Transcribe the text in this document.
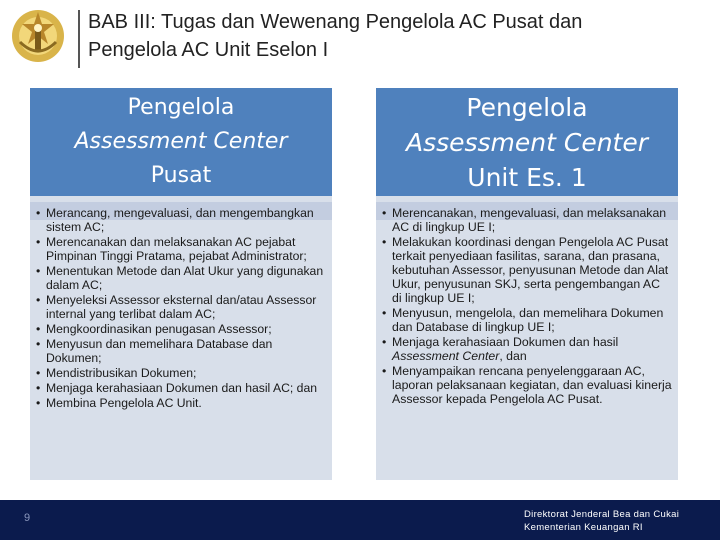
BAB III: Tugas dan Wewenang Pengelola AC Pusat dan
Pengelola AC Unit Eselon I
Pengelola
Assessment Center
Pusat
• Merancang, mengevaluasi, dan mengembangkan sistem AC;
• Merencanakan dan melaksanakan AC pejabat Pimpinan Tinggi Pratama, pejabat Administrator;
• Menentukan Metode dan Alat Ukur yang digunakan dalam AC;
• Menyeleksi Assessor eksternal dan/atau Assessor internal yang terlibat dalam AC;
• Mengkoordinasikan penugasan Assessor;
• Menyusun dan memelihara Database dan Dokumen;
• Mendistribusikan Dokumen;
• Menjaga kerahasiaan Dokumen dan hasil AC; dan
• Membina Pengelola AC Unit.
Pengelola
Assessment Center
Unit Es. 1
• Merencanakan, mengevaluasi, dan melaksanakan AC di lingkup UE I;
• Melakukan koordinasi dengan Pengelola AC Pusat terkait penyediaan fasilitas, sarana, dan prasana, kebutuhan Assessor, penyusunan Metode dan Alat Ukur, penyusunan SKJ, serta pengembangan AC di lingkup UE I;
• Menyusun, mengelola, dan memelihara Dokumen dan Database di lingkup UE I;
• Menjaga kerahasiaan Dokumen dan hasil Assessment Center, dan
• Menyampaikan rencana penyelenggaraan AC, laporan pelaksanaan kegiatan, dan evaluasi kinerja Assessor kepada Pengelola AC Pusat.
9	Direktorat Jenderal Bea dan Cukai
Kementerian Keuangan RI
